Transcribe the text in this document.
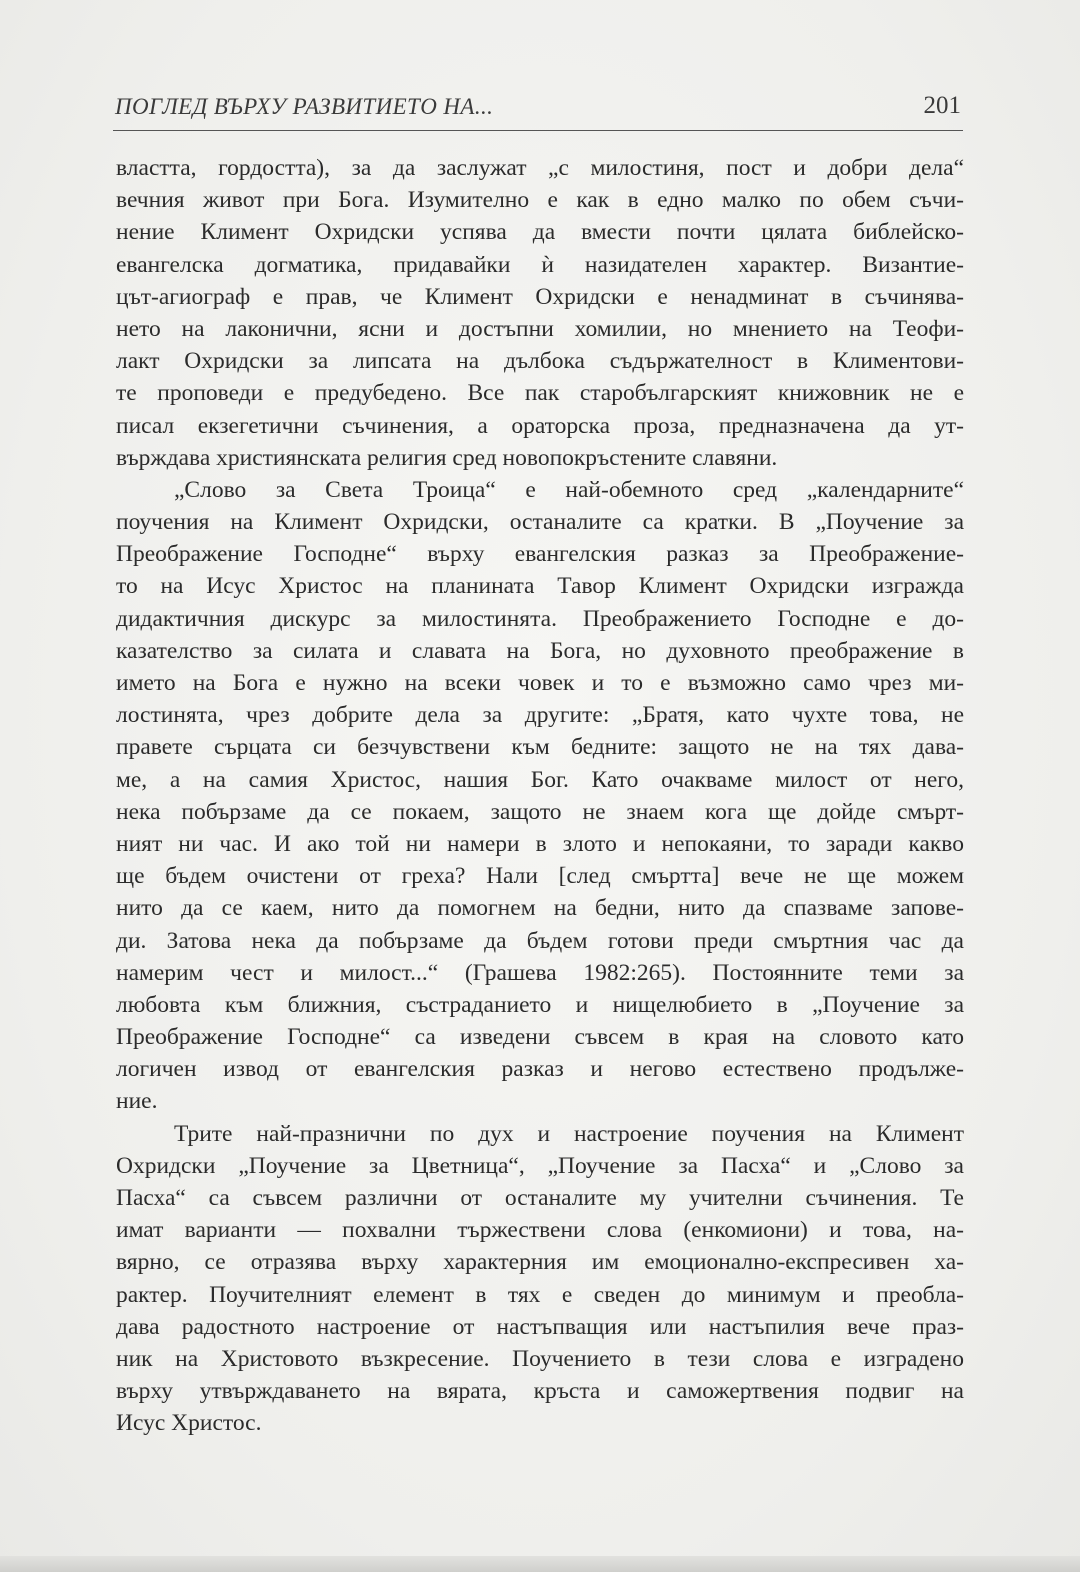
ПОГЛЕД ВЪРХУ РАЗВИТИЕТО НА...	201
властта, гордостта), за да заслужат „с милостиня, пост и добри дела“
вечния живот при Бога. Изумително е как в едно малко по обем съчи-
нение Климент Охридски успява да вмести почти цялата библейско-
евангелска догматика, придавайки ѝ назидателен характер. Византие-
цът-агиограф е прав, че Климент Охридски е ненадминат в съчинява-
нето на лаконични, ясни и достъпни хомилии, но мнението на Теофи-
лакт Охридски за липсата на дълбока съдържателност в Климентови-
те проповеди е предубедено. Все пак старобългарският книжовник не е
писал екзегетични съчинения, а ораторска проза, предназначена да ут-
върждава християнската религия сред новопокръстените славяни.
„Слово за Света Троица“ е най-обемното сред „календарните“
поучения на Климент Охридски, останалите са кратки. В „Поучение за
Преображение Господне“ върху евангелския разказ за Преображение-
то на Исус Христос на планината Тавор Климент Охридски изгражда
дидактичния дискурс за милостинята. Преображението Господне е до-
казателство за силата и славата на Бога, но духовното преображение в
името на Бога е нужно на всеки човек и то е възможно само чрез ми-
лостинята, чрез добрите дела за другите: „Братя, като чухте това, не
правете сърцата си безчувствени към бедните: защото не на тях дава-
ме, а на самия Христос, нашия Бог. Като очакваме милост от него,
нека побързаме да се покаем, защото не знаем кога ще дойде смърт-
ният ни час. И ако той ни намери в злото и непокаяни, то заради какво
ще бъдем очистени от греха? Нали [след смъртта] вече не ще можем
нито да се каем, нито да помогнем на бедни, нито да спазваме запове-
ди. Затова нека да побързаме да бъдем готови преди смъртния час да
намерим чест и милост...“ (Грашева 1982:265). Постоянните теми за
любовта към ближния, състраданието и нищелюбието в „Поучение за
Преображение Господне“ са изведени съвсем в края на словото като
логичен извод от евангелския разказ и негово естествено продълже-
ние.
Трите най-празнични по дух и настроение поучения на Климент
Охридски „Поучение за Цветница“, „Поучение за Пасха“ и „Слово за
Пасха“ са съвсем различни от останалите му учителни съчинения. Те
имат варианти — похвални тържествени слова (енкомиони) и това, на-
вярно, се отразява върху характерния им емоционално-експресивен ха-
рактер. Поучителният елемент в тях е сведен до минимум и преобла-
дава радостното настроение от настъпващия или настъпилия вече праз-
ник на Христовото възкресение. Поучението в тези слова е изградено
върху утвърждаването на вярата, кръста и саможертвения подвиг на
Исус Христос.
